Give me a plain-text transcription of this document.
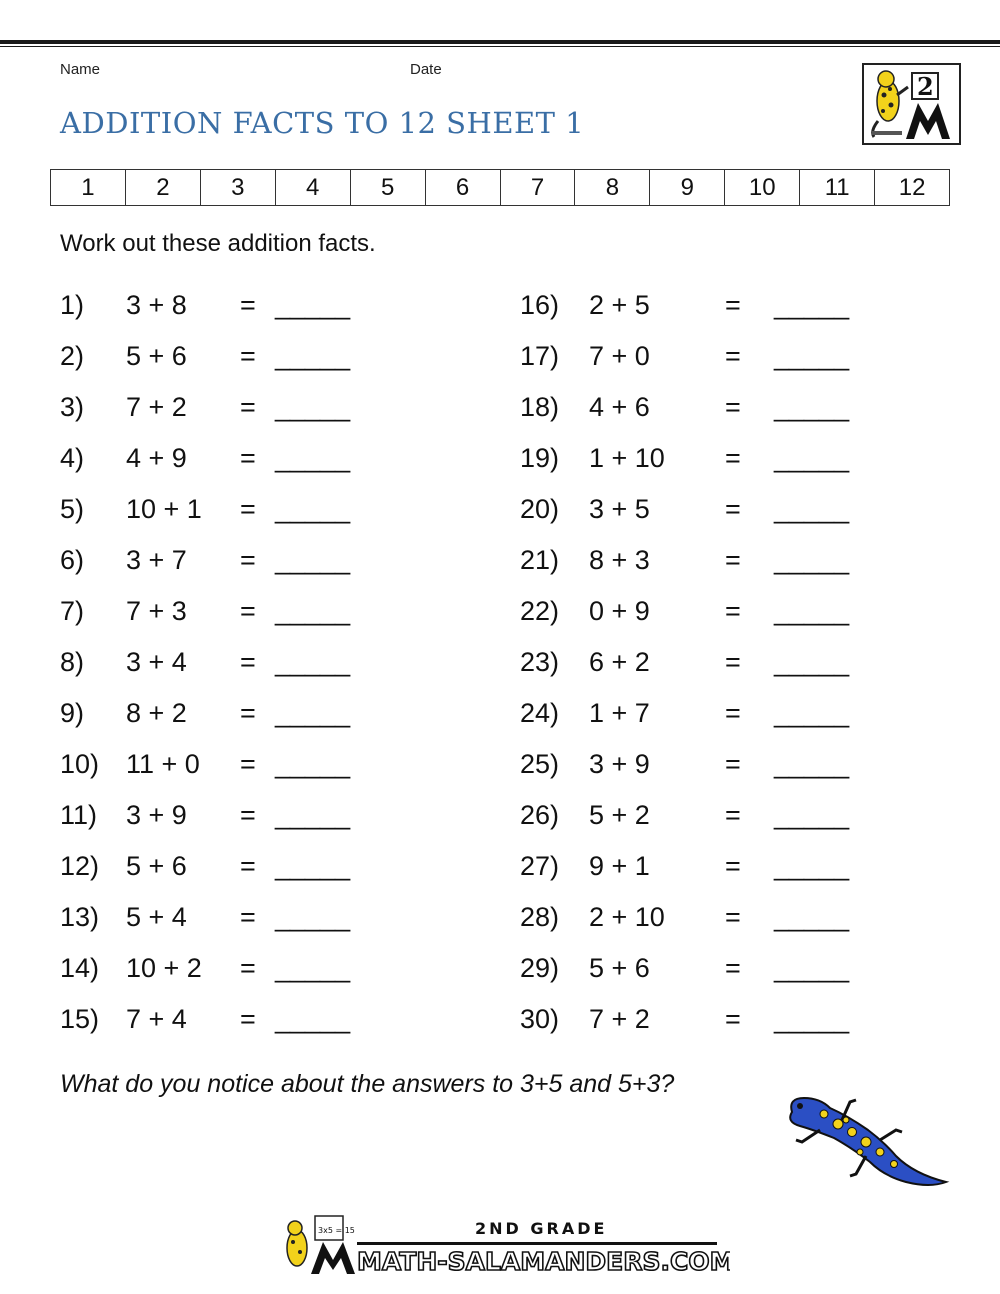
Name	Date
ADDITION FACTS TO 12 SHEET 1
2
1	2	3	4	5	6	7	8	9	10	11	12
Work out these addition facts.
1) 3 + 8 = _____
2) 5 + 6 = _____
3) 7 + 2 = _____
4) 4 + 9 = _____
5) 10 + 1 = _____
6) 3 + 7 = _____
7) 7 + 3 = _____
8) 3 + 4 = _____
9) 8 + 2 = _____
10) 11 + 0 = _____
11) 3 + 9 = _____
12) 5 + 6 = _____
13) 5 + 4 = _____
14) 10 + 2 = _____
15) 7 + 4 = _____
16) 2 + 5	= _____
17) 7 + 0	= _____
18) 4 + 6	= _____
19) 1 + 10 = _____
20) 3 + 5	= _____
21) 8 + 3	= _____
22) 0 + 9	= _____
23) 6 + 2	= _____
24) 1 + 7	= _____
25) 3 + 9	= _____
26) 5 + 2	= _____
27) 9 + 1	= _____
28) 2 + 10 = _____
29) 5 + 6	= _____
30) 7 + 2	= _____
What do you notice about the answers to 3+5 and 5+3?
3x5 = 15	2ND GRADE
MATH-SALAMANDERS.COM
